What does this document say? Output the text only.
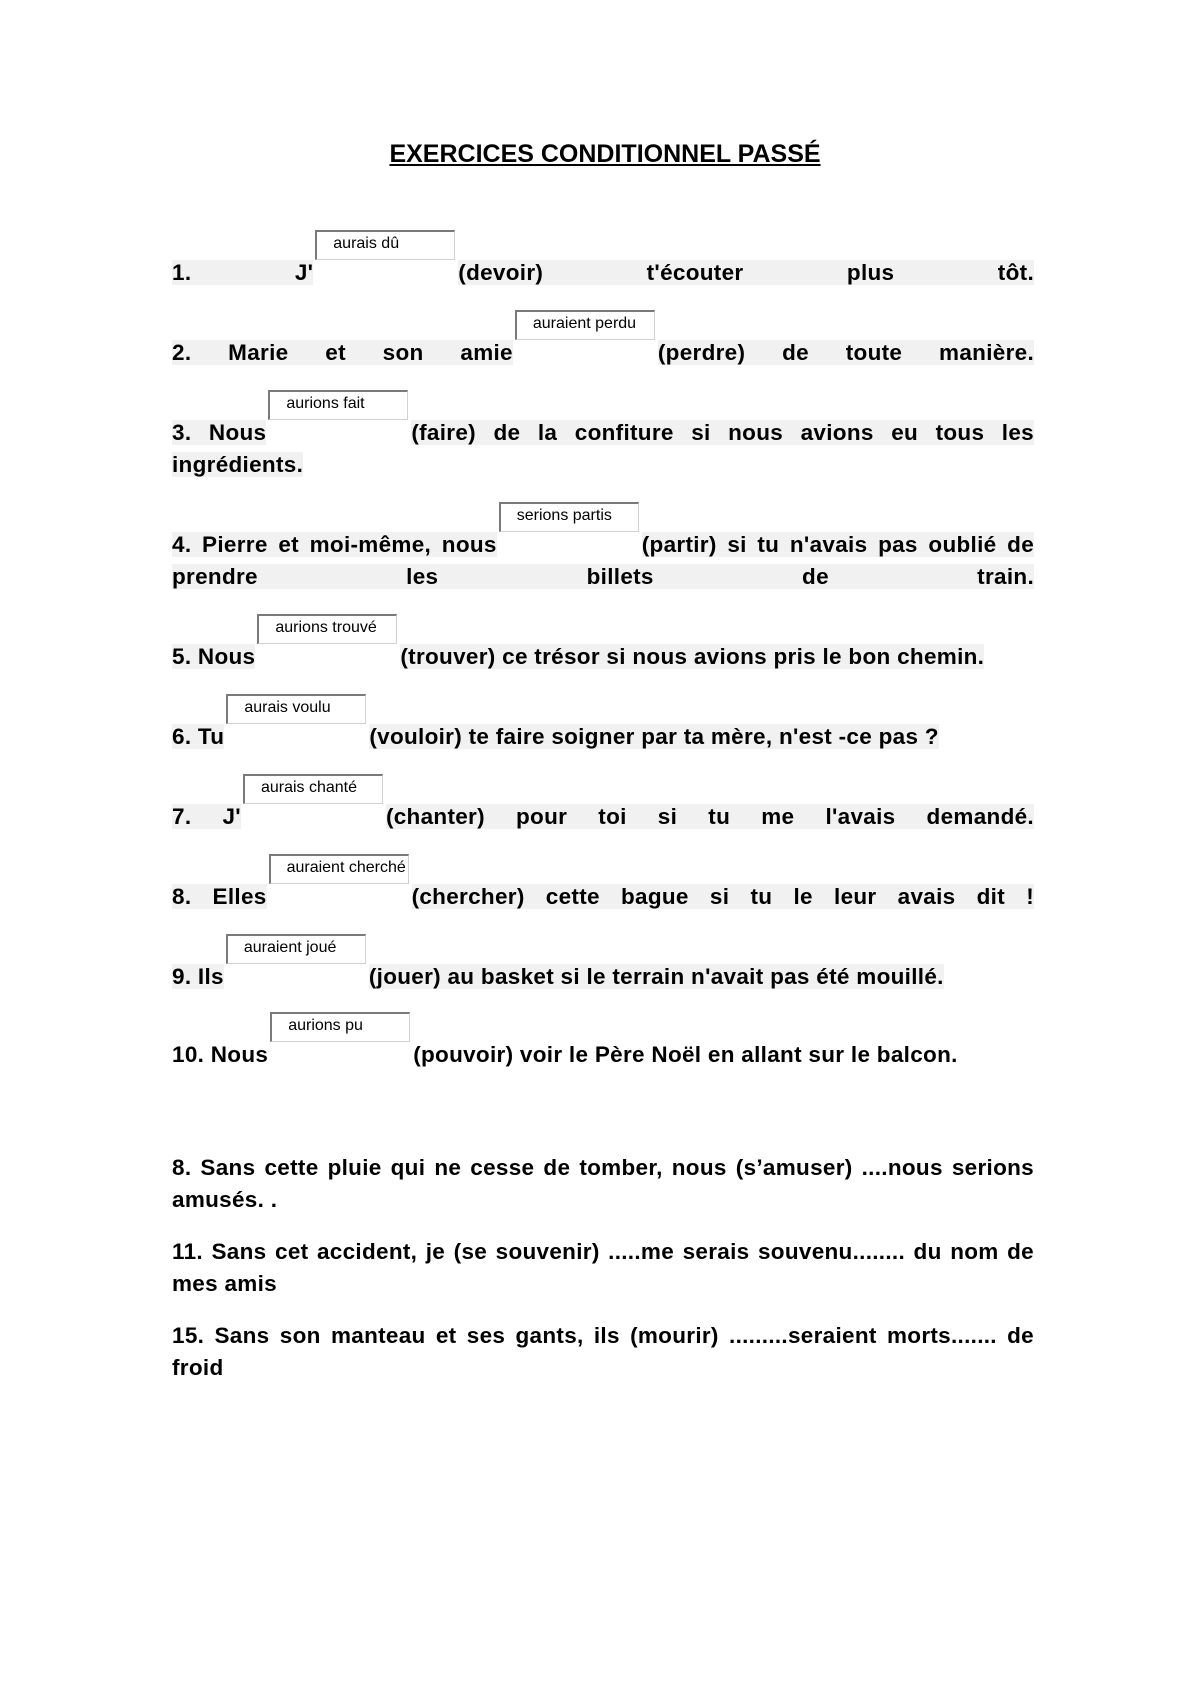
EXERCICES CONDITIONNEL PASSÉ
1. J'aurais dû(devoir) t'écouter plus tôt.
2. Marie et son amieauraient perdu(perdre) de toute manière.
3. Nousaurions fait(faire) de la confiture si nous avions eu tous les ingrédients.
4. Pierre et moi-même, nousserions partis(partir) si tu n'avais pas oublié de prendre les billets de train.
5. Nousaurions trouvé(trouver) ce trésor si nous avions pris le bon chemin.
6. Tuaurais voulu(vouloir) te faire soigner par ta mère, n'est -ce pas ?
7. J'aurais chanté(chanter) pour toi si tu me l'avais demandé.
8. Ellesauraient cherché(chercher) cette bague si tu le leur avais dit !
9. Ilsauraient joué(jouer) au basket si le terrain n'avait pas été mouillé.
10. Nousaurions pu(pouvoir) voir le Père Noël en allant sur le balcon.
8. Sans cette pluie qui ne cesse de tomber, nous (s’amuser) ....nous serions amusés. .
11. Sans cet accident, je (se souvenir) .....me serais souvenu........ du nom de mes amis
15. Sans son manteau et ses gants, ils (mourir) .........seraient morts....... de froid
